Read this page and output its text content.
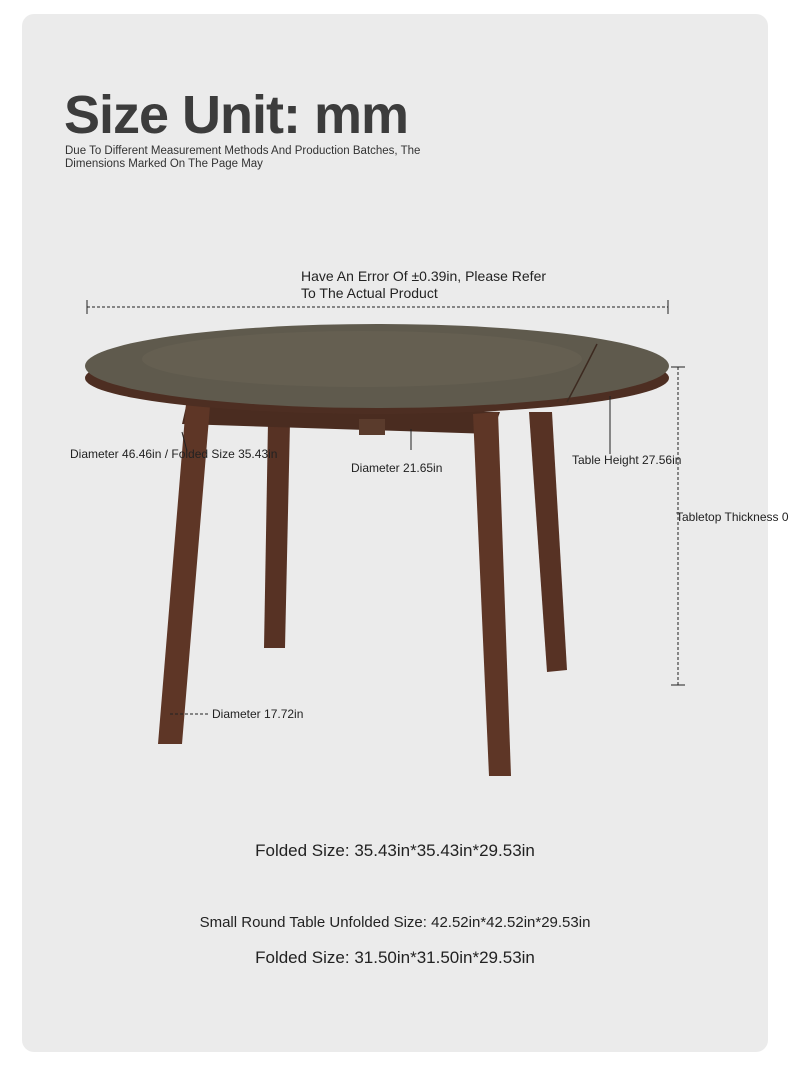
Size Unit: mm

Due To Different Measurement Methods And Production Batches, The Dimensions Marked On The Page May

Have An Error Of ±0.39in, Please Refer To The Actual Product
Diameter 46.46in / Folded Size 35.43in
Diameter 21.65in
Table Height 27.56in
Tabletop Thickness 0
Diameter 17.72in
Folded Size: 35.43in*35.43in*29.53in
Small Round Table Unfolded Size: 42.52in*42.52in*29.53in
Folded Size: 31.50in*31.50in*29.53in
